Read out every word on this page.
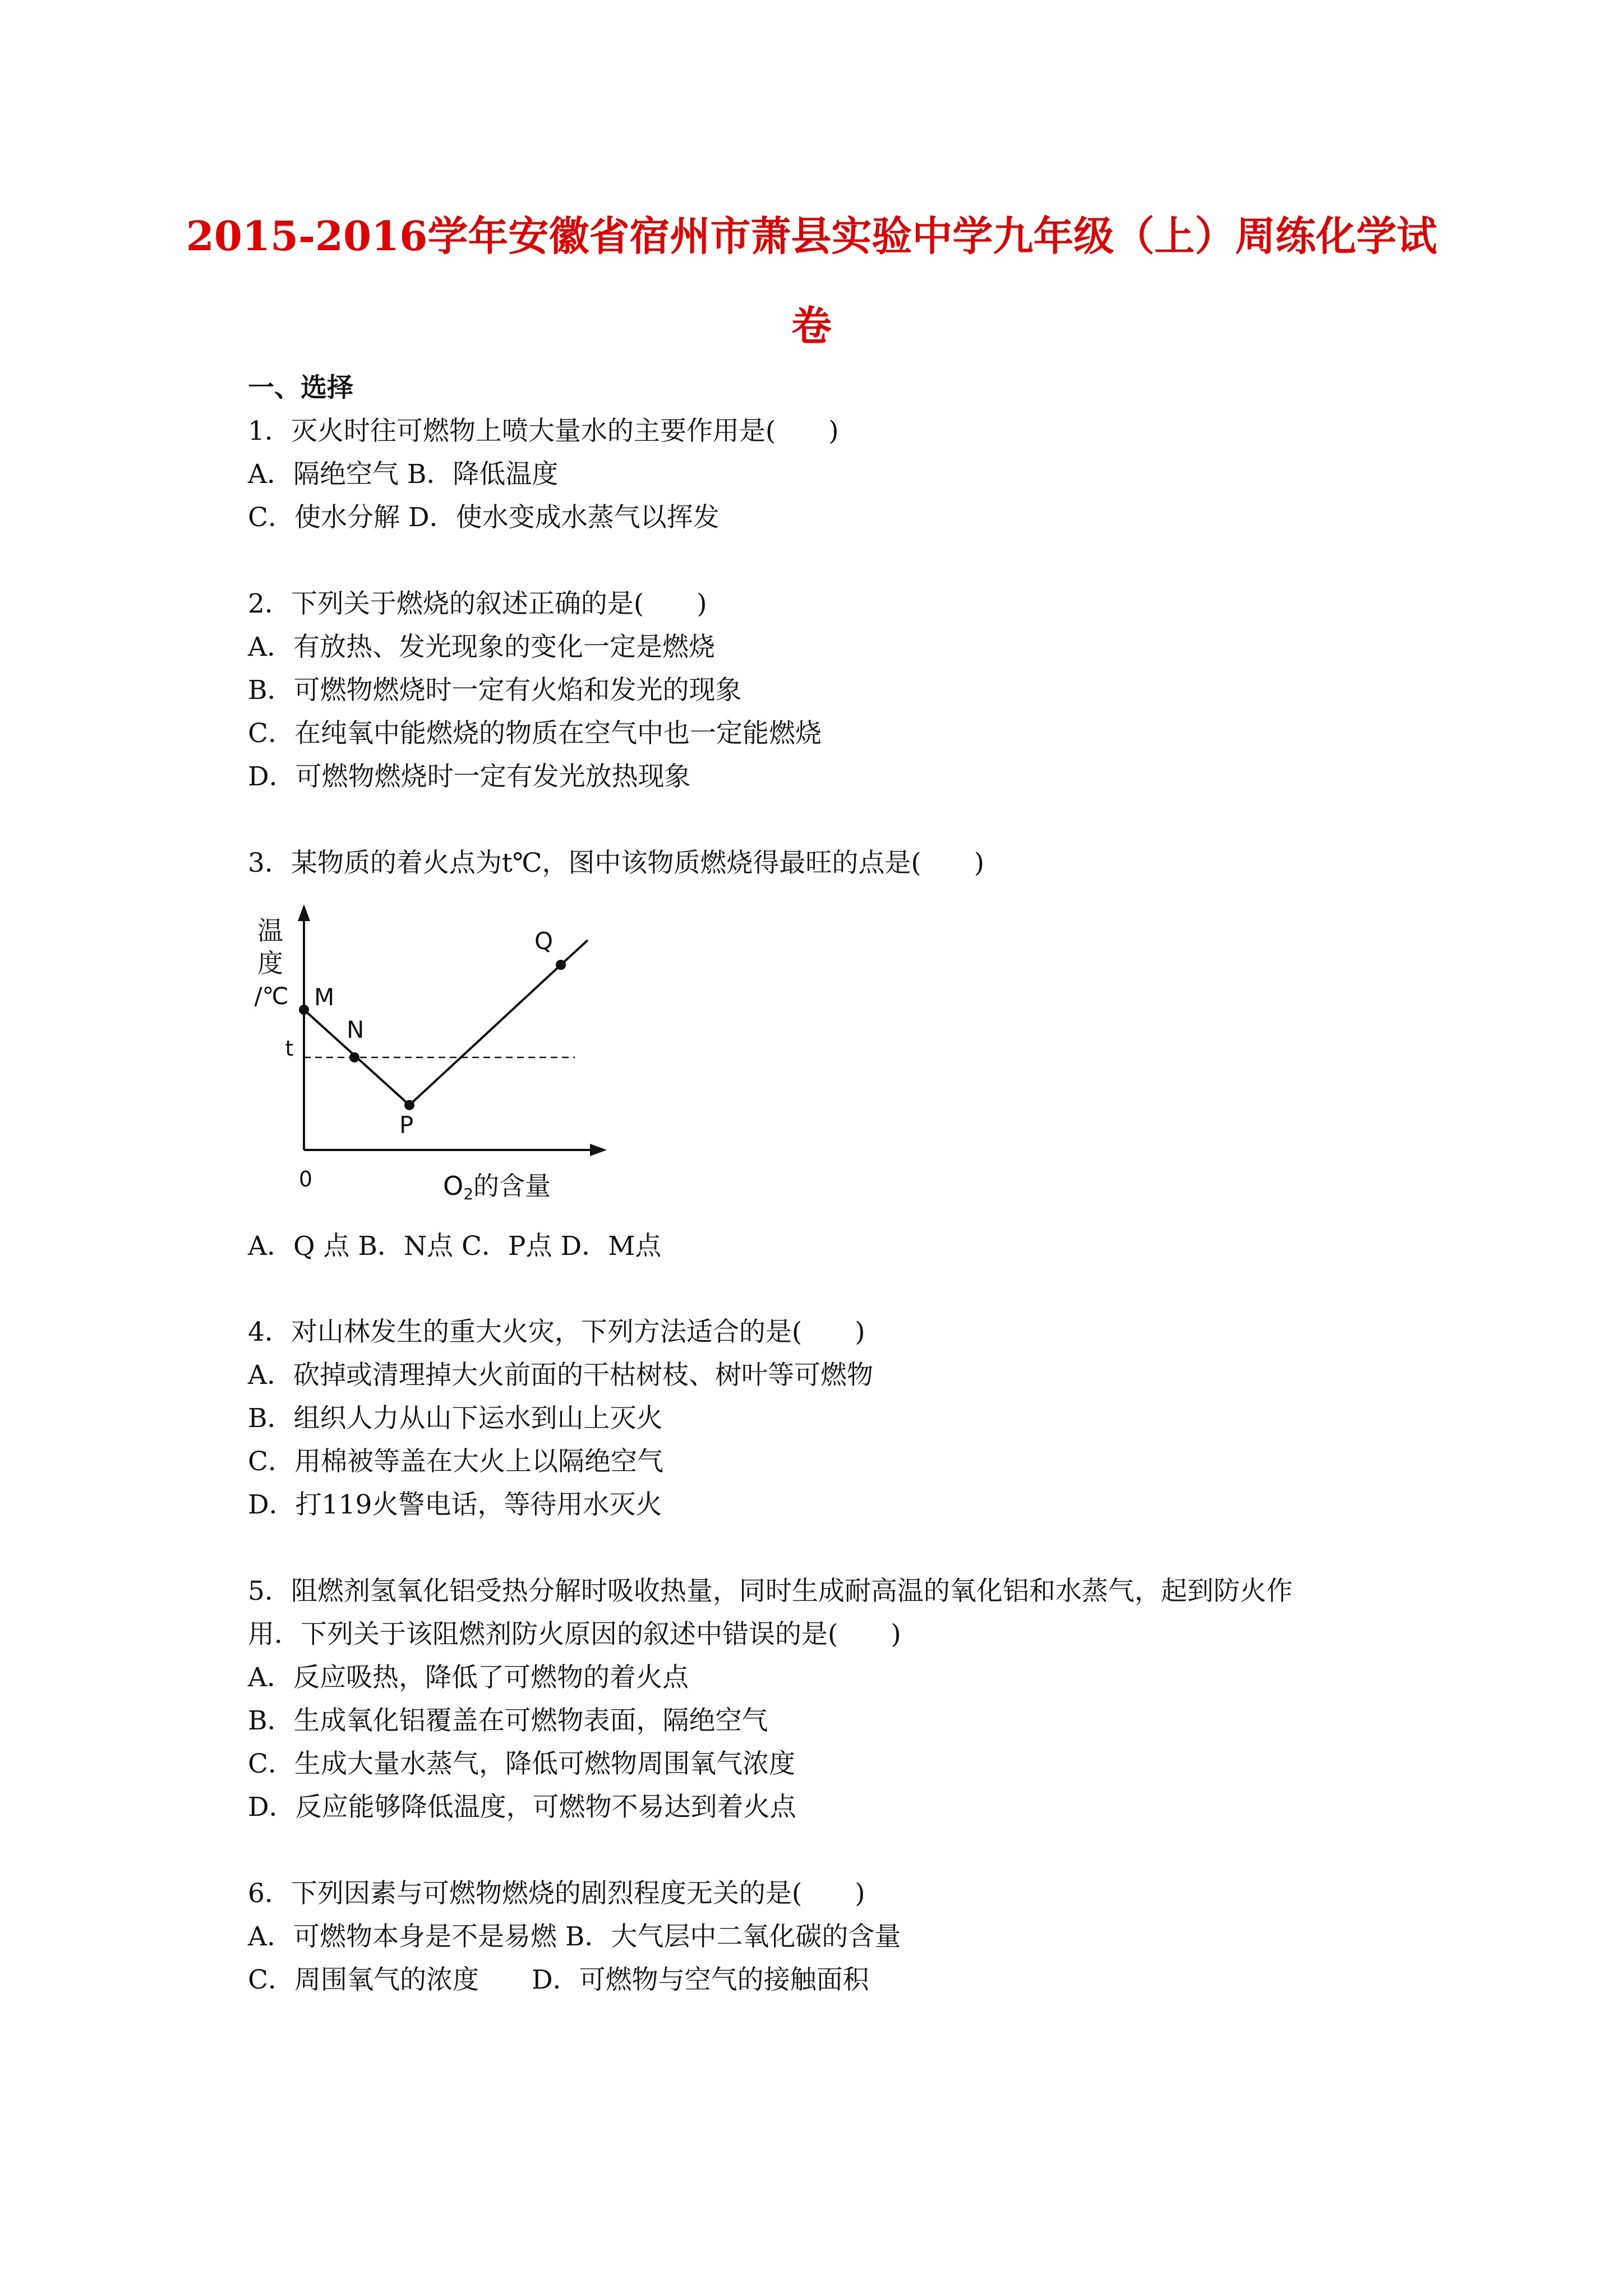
2015-2016学年安徽省宿州市萧县实验中学九年级（上）周练化学试
卷
一、选择
1．灭火时往可燃物上喷大量水的主要作用是(　　)
A．隔绝空气 B．降低温度
C．使水分解 D．使水变成水蒸气以挥发
2．下列关于燃烧的叙述正确的是(　　)
A．有放热、发光现象的变化一定是燃烧
B．可燃物燃烧时一定有火焰和发光的现象
C．在纯氧中能燃烧的物质在空气中也一定能燃烧
D．可燃物燃烧时一定有发光放热现象
3．某物质的着火点为t℃，图中该物质燃烧得最旺的点是(　　)
温
度
/℃
0
t
M
N
P
Q
O2的含量
A．Q 点 B．N点 C．P点 D．M点
4．对山林发生的重大火灾，下列方法适合的是(　　)
A．砍掉或清理掉大火前面的干枯树枝、树叶等可燃物
B．组织人力从山下运水到山上灭火
C．用棉被等盖在大火上以隔绝空气
D．打119火警电话，等待用水灭火
5．阻燃剂氢氧化铝受热分解时吸收热量，同时生成耐高温的氧化铝和水蒸气，起到防火作
用．下列关于该阻燃剂防火原因的叙述中错误的是(　　)
A．反应吸热，降低了可燃物的着火点
B．生成氧化铝覆盖在可燃物表面，隔绝空气
C．生成大量水蒸气，降低可燃物周围氧气浓度
D．反应能够降低温度，可燃物不易达到着火点
6．下列因素与可燃物燃烧的剧烈程度无关的是(　　)
A．可燃物本身是不是易燃 B．大气层中二氧化碳的含量
C．周围氧气的浓度　　D．可燃物与空气的接触面积
